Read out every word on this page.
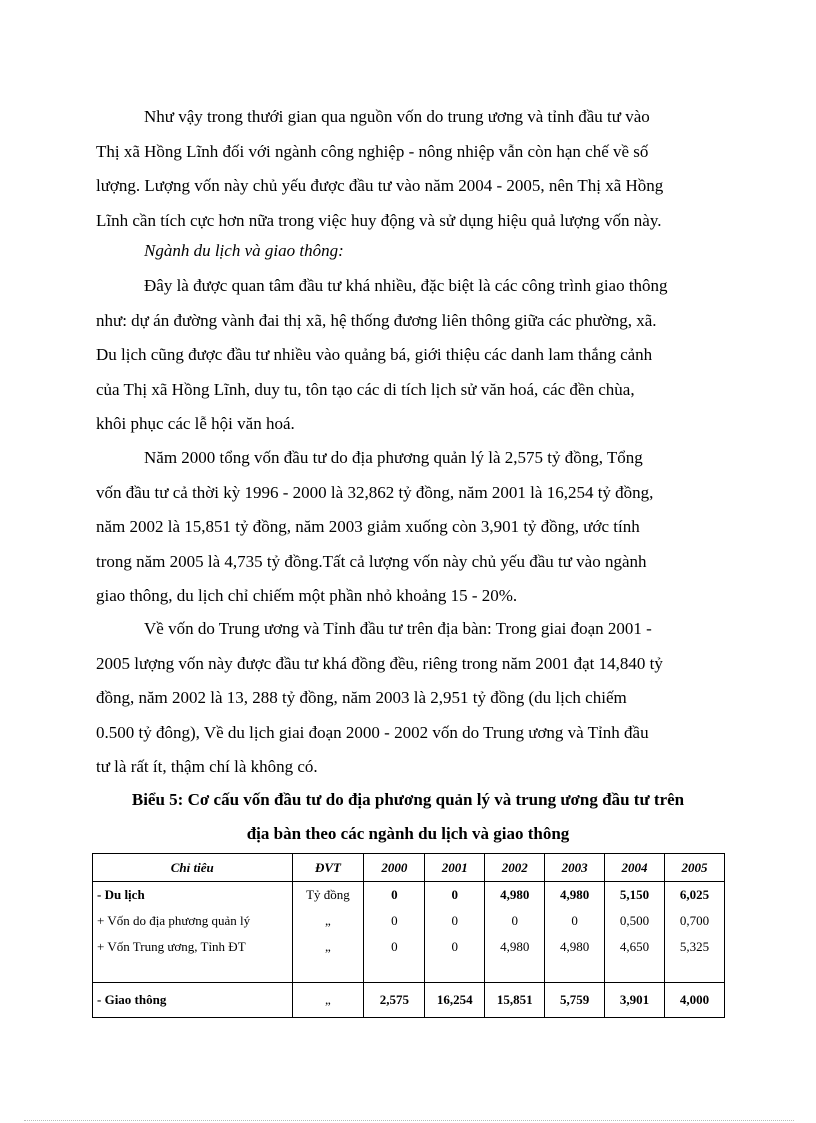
Như vậy trong thưới gian qua nguồn vốn do trung ương và tỉnh đầu tư vào
Thị xã Hồng Lĩnh đối với ngành công nghiệp - nông nhiệp vẫn còn hạn chế về số
lượng. Lượng vốn này chủ yếu được đầu tư vào năm 2004 - 2005, nên Thị xã Hồng
Lĩnh cần tích cực hơn nữa trong việc huy động và sử dụng hiệu quả lượng vốn này.
Ngành du lịch và giao thông:
Đây là được quan tâm đầu tư khá nhiều, đặc biệt là các công trình giao thông
như: dự án đường vành đai thị xã, hệ thống đương liên thông giữa các phường, xã.
Du lịch cũng được đầu tư nhiều vào quảng bá, giới thiệu các danh lam thắng cảnh
của Thị xã Hồng Lĩnh, duy tu, tôn tạo các di tích lịch sử văn hoá, các đền chùa,
khôi phục các lễ hội văn hoá.
Năm 2000 tổng vốn đầu tư do địa phương quản lý là 2,575 tỷ đồng, Tổng
vốn đầu tư cả thời kỳ 1996 - 2000 là 32,862 tỷ đồng, năm 2001 là 16,254 tỷ đồng,
năm 2002 là 15,851 tỷ đồng, năm 2003 giảm xuống còn 3,901 tỷ đồng, ước tính
trong năm 2005 là 4,735 tỷ đồng.Tất cả lượng vốn này chủ yếu đầu tư vào ngành
giao thông, du lịch chỉ chiếm một phần nhỏ khoảng 15 - 20%.
Về vốn do Trung ương và Tỉnh đầu tư trên địa bàn: Trong giai đoạn 2001 -
2005 lượng vốn này được đầu tư khá đồng đều, riêng trong năm 2001 đạt 14,840 tỷ
đồng, năm 2002 là 13, 288 tỷ đồng, năm 2003 là 2,951 tỷ đồng (du lịch chiếm
0.500 tỷ đông), Về du lịch giai đoạn 2000 - 2002 vốn do Trung ương và Tỉnh đầu
tư là rất ít, thậm chí là không có.
Biểu 5: Cơ cấu vốn đầu tư do địa phương quản lý và trung ương đầu tư trên
địa bàn theo các ngành du lịch và giao thông
Chỉ tiêu	ĐVT	2000	2001	2002	2003	2004	2005
- Du lịch	Tỷ đồng	0	0	4,980	4,980	5,150	6,025
+ Vốn do địa phương quản lý	„	0	0	0	0	0,500	0,700
+ Vốn Trung ương, Tỉnh ĐT	„	0	0	4,980	4,980	4,650	5,325

- Giao thông	„	2,575	16,254	15,851	5,759	3,901	4,000
